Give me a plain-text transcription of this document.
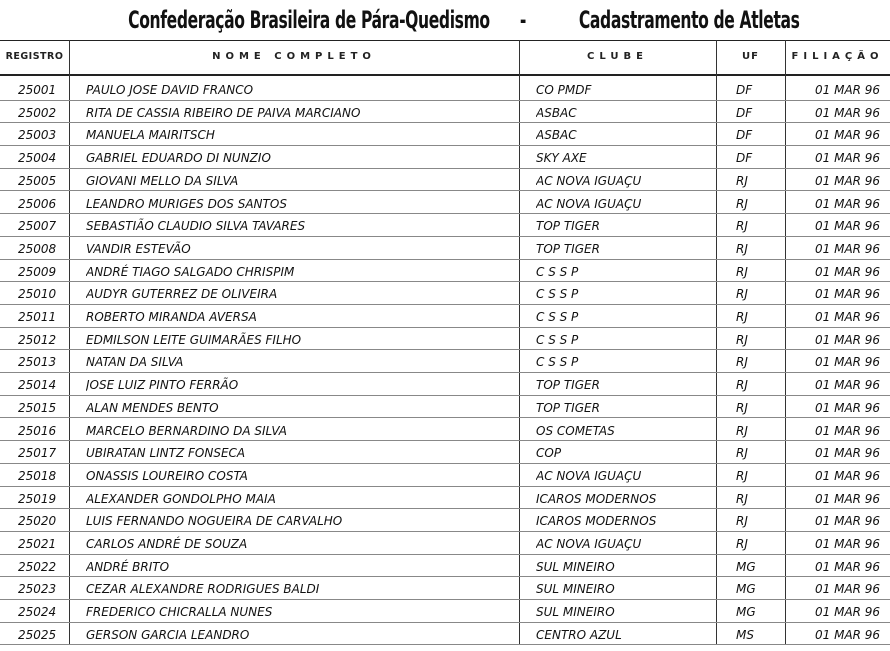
Confederação Brasileira de Pára-Quedismo - Cadastramento de Atletas
REGISTRO	NOME COMPLETO	CLUBE	UF	FILIAÇÃO
25001	PAULO JOSE DAVID FRANCO	CO PMDF	DF	01 MAR 96
25002	RITA DE CASSIA RIBEIRO DE PAIVA MARCIANO	ASBAC	DF	01 MAR 96
25003	MANUELA MAIRITSCH	ASBAC	DF	01 MAR 96
25004	GABRIEL EDUARDO DI NUNZIO	SKY AXE	DF	01 MAR 96
25005	GIOVANI MELLO DA SILVA	AC NOVA IGUAÇU	RJ	01 MAR 96
25006	LEANDRO MURIGES DOS SANTOS	AC NOVA IGUAÇU	RJ	01 MAR 96
25007	SEBASTIÃO CLAUDIO SILVA TAVARES	TOP TIGER	RJ	01 MAR 96
25008	VANDIR ESTEVÃO	TOP TIGER	RJ	01 MAR 96
25009	ANDRÉ TIAGO SALGADO CHRISPIM	C S S P	RJ	01 MAR 96
25010	AUDYR GUTERREZ DE OLIVEIRA	C S S P	RJ	01 MAR 96
25011	ROBERTO MIRANDA AVERSA	C S S P	RJ	01 MAR 96
25012	EDMILSON LEITE GUIMARÃES FILHO	C S S P	RJ	01 MAR 96
25013	NATAN DA SILVA	C S S P	RJ	01 MAR 96
25014	JOSE LUIZ PINTO FERRÃO	TOP TIGER	RJ	01 MAR 96
25015	ALAN MENDES BENTO	TOP TIGER	RJ	01 MAR 96
25016	MARCELO BERNARDINO DA SILVA	OS COMETAS	RJ	01 MAR 96
25017	UBIRATAN LINTZ FONSECA	COP	RJ	01 MAR 96
25018	ONASSIS LOUREIRO COSTA	AC NOVA IGUAÇU	RJ	01 MAR 96
25019	ALEXANDER GONDOLPHO MAIA	ICAROS MODERNOS	RJ	01 MAR 96
25020	LUIS FERNANDO NOGUEIRA DE CARVALHO	ICAROS MODERNOS	RJ	01 MAR 96
25021	CARLOS ANDRÉ DE SOUZA	AC NOVA IGUAÇU	RJ	01 MAR 96
25022	ANDRÉ BRITO	SUL MINEIRO	MG	01 MAR 96
25023	CEZAR ALEXANDRE RODRIGUES BALDI	SUL MINEIRO	MG	01 MAR 96
25024	FREDERICO CHICRALLA NUNES	SUL MINEIRO	MG	01 MAR 96
25025	GERSON GARCIA LEANDRO	CENTRO AZUL	MS	01 MAR 96
